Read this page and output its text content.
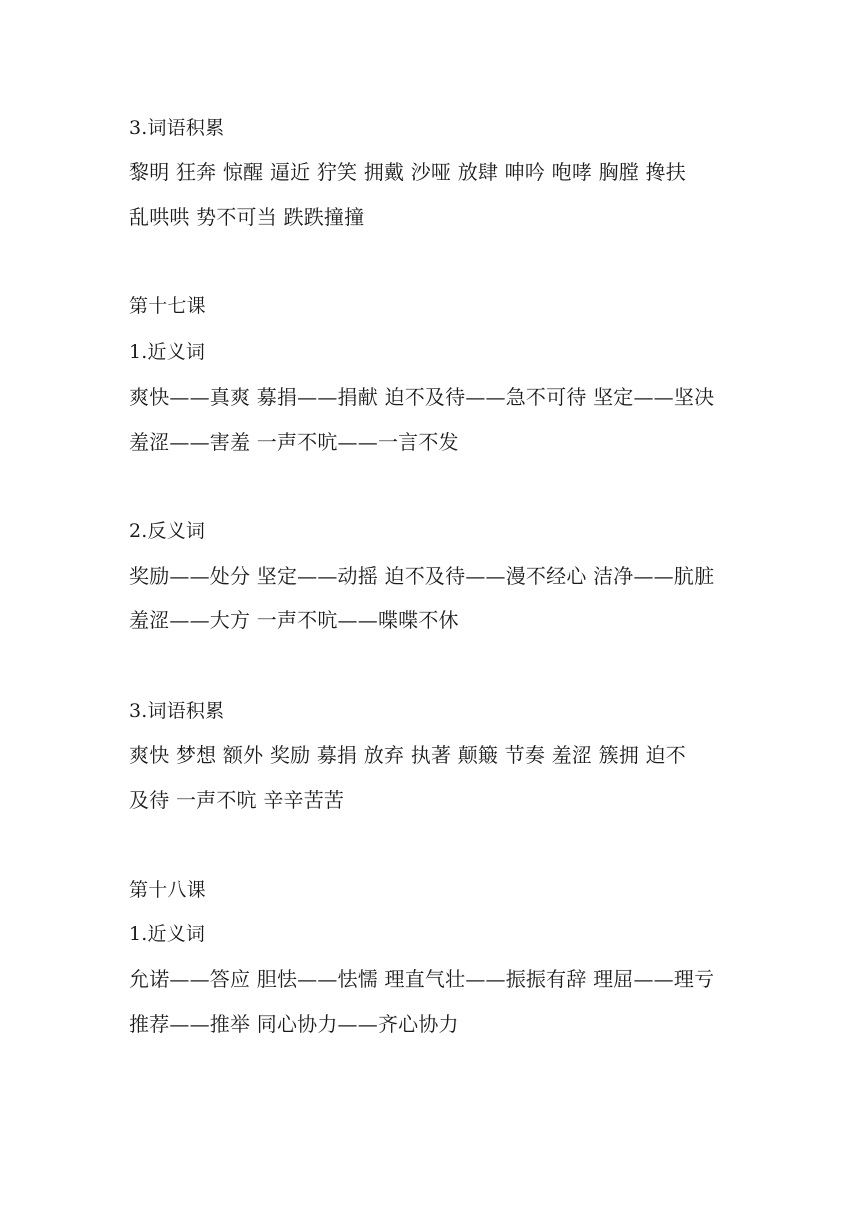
3.词语积累
黎明 狂奔 惊醒 逼近 狞笑 拥戴 沙哑 放肆 呻吟 咆哮 胸膛 搀扶
乱哄哄 势不可当 跌跌撞撞
第十七课
1.近义词
爽快——真爽 募捐——捐献 迫不及待——急不可待 坚定——坚决
羞涩——害羞 一声不吭——一言不发
2.反义词
奖励——处分 坚定——动摇 迫不及待——漫不经心 洁净——肮脏
羞涩——大方 一声不吭——喋喋不休
3.词语积累
爽快 梦想 额外 奖励 募捐 放弃 执著 颠簸 节奏 羞涩 簇拥 迫不
及待 一声不吭 辛辛苦苦
第十八课
1.近义词
允诺——答应 胆怯——怯懦 理直气壮——振振有辞 理屈——理亏
推荐——推举 同心协力——齐心协力
